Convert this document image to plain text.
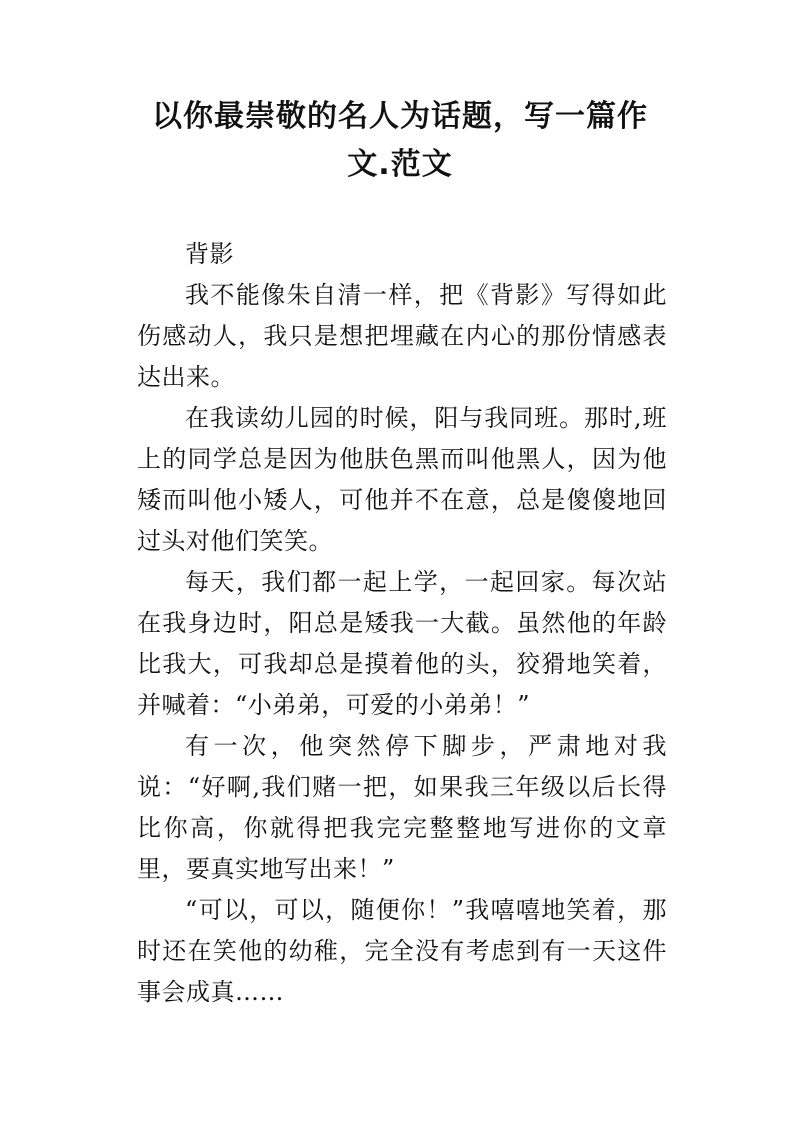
以你最崇敬的名人为话题，写一篇作
文.范文

背影

我不能像朱自清一样，把《背影》写得如此伤感动人，我只是想把埋藏在内心的那份情感表达出来。

在我读幼儿园的时候，阳与我同班。那时,班上的同学总是因为他肤色黑而叫他黑人，因为他矮而叫他小矮人，可他并不在意，总是傻傻地回过头对他们笑笑。

每天，我们都一起上学，一起回家。每次站在我身边时，阳总是矮我一大截。虽然他的年龄比我大，可我却总是摸着他的头，狡猾地笑着，并喊着：“小弟弟，可爱的小弟弟！”

有一次，他突然停下脚步，严肃地对我说：“好啊,我们赌一把，如果我三年级以后长得比你高，你就得把我完完整整地写进你的文章里，要真实地写出来！”

“可以，可以，随便你！”我嘻嘻地笑着，那时还在笑他的幼稚，完全没有考虑到有一天这件事会成真……
